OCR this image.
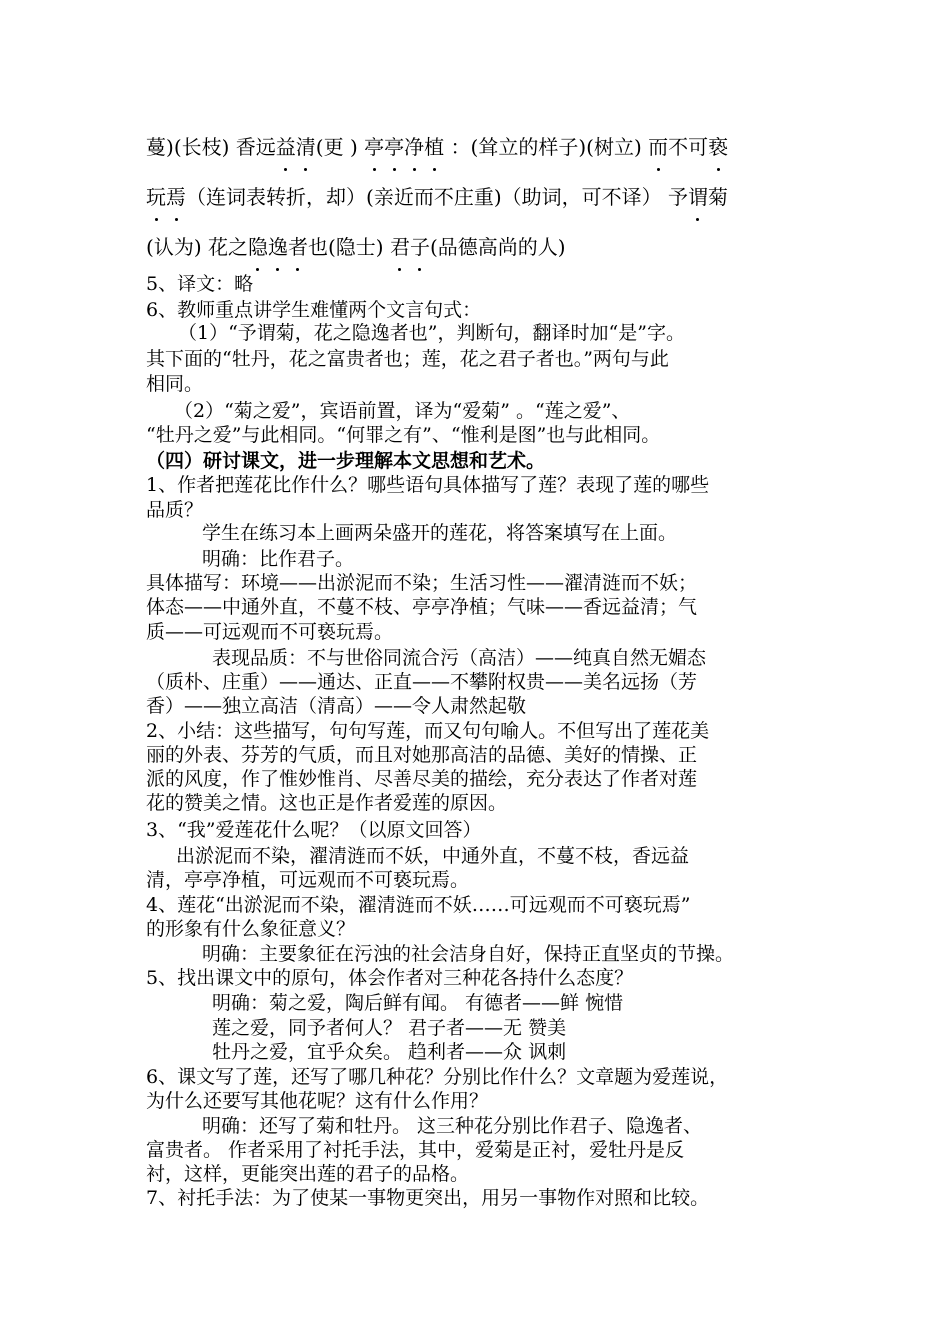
蔓)(长枝) 香远益
清
(更 ) 亭
亭
净
植 ：(耸立的样子)(树立) 而
不可亵
玩
焉
（连词表转折，却）(亲近而不庄重)（助词，可不译） 予谓
菊
(认为) 花之隐
逸
者
也(隐士) 君
子
(品德高尚的人)
5、译文：略
6、教师重点讲学生难懂两个文言句式：
（1）“予谓菊，花之隐逸者也”，判断句，翻译时加“是”字。
其下面的“牡丹，花之富贵者也；莲，花之君子者也。”两句与此
相同。
（2）“菊之爱”，宾语前置，译为“爱菊” 。“莲之爱”、
“牡丹之爱”与此相同。“何罪之有”、“惟利是图”也与此相同。
（四）研讨课文，进一步理解本文思想和艺术。
1、作者把莲花比作什么？哪些语句具体描写了莲？表现了莲的哪些
品质？
学生在练习本上画两朵盛开的莲花，将答案填写在上面。
明确：比作君子。
具体描写：环境——出淤泥而不染；生活习性——濯清涟而不妖；
体态——中通外直，不蔓不枝、亭亭净植；气味——香远益清；气
质——可远观而不可亵玩焉。
表现品质：不与世俗同流合污（高洁）——纯真自然无媚态
（质朴、庄重）——通达、正直——不攀附权贵——美名远扬（芳
香）——独立高洁（清高）——令人肃然起敬
2、小结：这些描写，句句写莲，而又句句喻人。不但写出了莲花美
丽的外表、芬芳的气质，而且对她那高洁的品德、美好的情操、正
派的风度，作了惟妙惟肖、尽善尽美的描绘，充分表达了作者对莲
花的赞美之情。这也正是作者爱莲的原因。
3、“我”爱莲花什么呢？（以原文回答）
出淤泥而不染，濯清涟而不妖，中通外直，不蔓不枝，香远益
清，亭亭净植，可远观而不可亵玩焉。
4、莲花“出淤泥而不染，濯清涟而不妖……可远观而不可亵玩焉”
的形象有什么象征意义？
明确：主要象征在污浊的社会洁身自好，保持正直坚贞的节操。
5、找出课文中的原句，体会作者对三种花各持什么态度？
明确：菊之爱，陶后鲜有闻。 有德者——鲜 惋惜
莲之爱，同予者何人？ 君子者——无 赞美
牡丹之爱，宜乎众矣。 趋利者——众 讽刺
6、课文写了莲，还写了哪几种花？分别比作什么？文章题为爱莲说，
为什么还要写其他花呢？这有什么作用？
明确：还写了菊和牡丹。 这三种花分别比作君子、隐逸者、
富贵者。 作者采用了衬托手法，其中，爱菊是正衬，爱牡丹是反
衬，这样，更能突出莲的君子的品格。
7、衬托手法：为了使某一事物更突出，用另一事物作对照和比较。
